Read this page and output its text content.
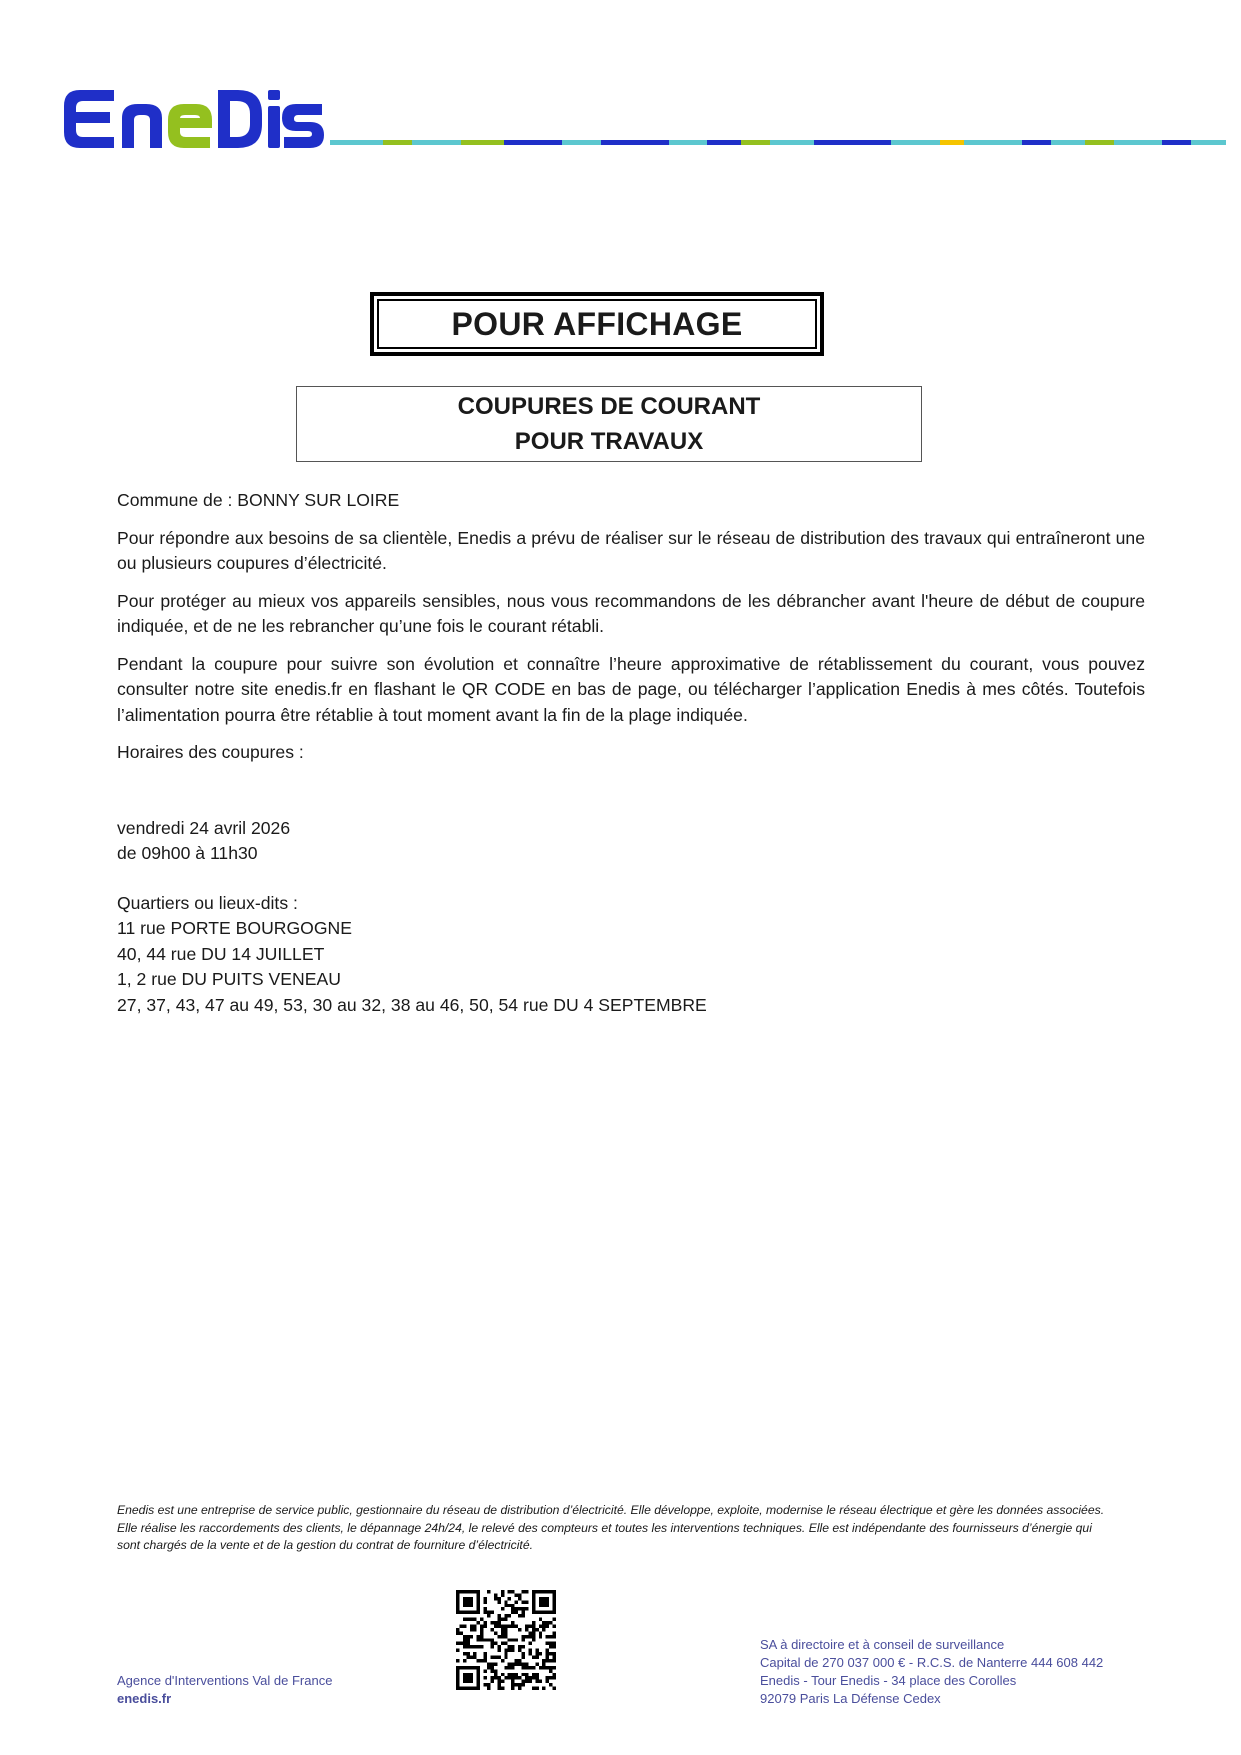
POUR AFFICHAGE
COUPURES DE COURANT
POUR TRAVAUX

Commune de : BONNY SUR LOIRE

Pour répondre aux besoins de sa clientèle, Enedis a prévu de réaliser sur le réseau de distribution des travaux qui entraîneront une ou plusieurs coupures d’électricité.

Pour protéger au mieux vos appareils sensibles, nous vous recommandons de les débrancher avant l'heure de début de coupure indiquée, et de ne les rebrancher qu’une fois le courant rétabli.

Pendant la coupure pour suivre son évolution et connaître l’heure approximative de rétablissement du courant, vous pouvez consulter notre site enedis.fr en flashant le QR CODE en bas de page, ou télécharger l’application Enedis à mes côtés. Toutefois l’alimentation pourra être rétablie à tout moment avant la fin de la plage indiquée.

Horaires des coupures :

vendredi 24 avril 2026
de 09h00 à 11h30
Quartiers ou lieux-dits :
11 rue PORTE BOURGOGNE
40, 44 rue DU 14 JUILLET
1, 2 rue DU PUITS VENEAU
27, 37, 43, 47 au 49, 53, 30 au 32, 38 au 46, 50, 54 rue DU 4 SEPTEMBRE
Enedis est une entreprise de service public, gestionnaire du réseau de distribution d’électricité. Elle développe, exploite, modernise le réseau électrique et gère les données associées. Elle réalise les raccordements des clients, le dépannage 24h/24, le relevé des compteurs et toutes les interventions techniques. Elle est indépendante des fournisseurs d’énergie qui sont chargés de la vente et de la gestion du contrat de fourniture d’électricité.
Agence d'Interventions Val de France
enedis.fr
SA à directoire et à conseil de surveillance
Capital de 270 037 000 € - R.C.S. de Nanterre 444 608 442
Enedis - Tour Enedis - 34 place des Corolles
92079 Paris La Défense Cedex
